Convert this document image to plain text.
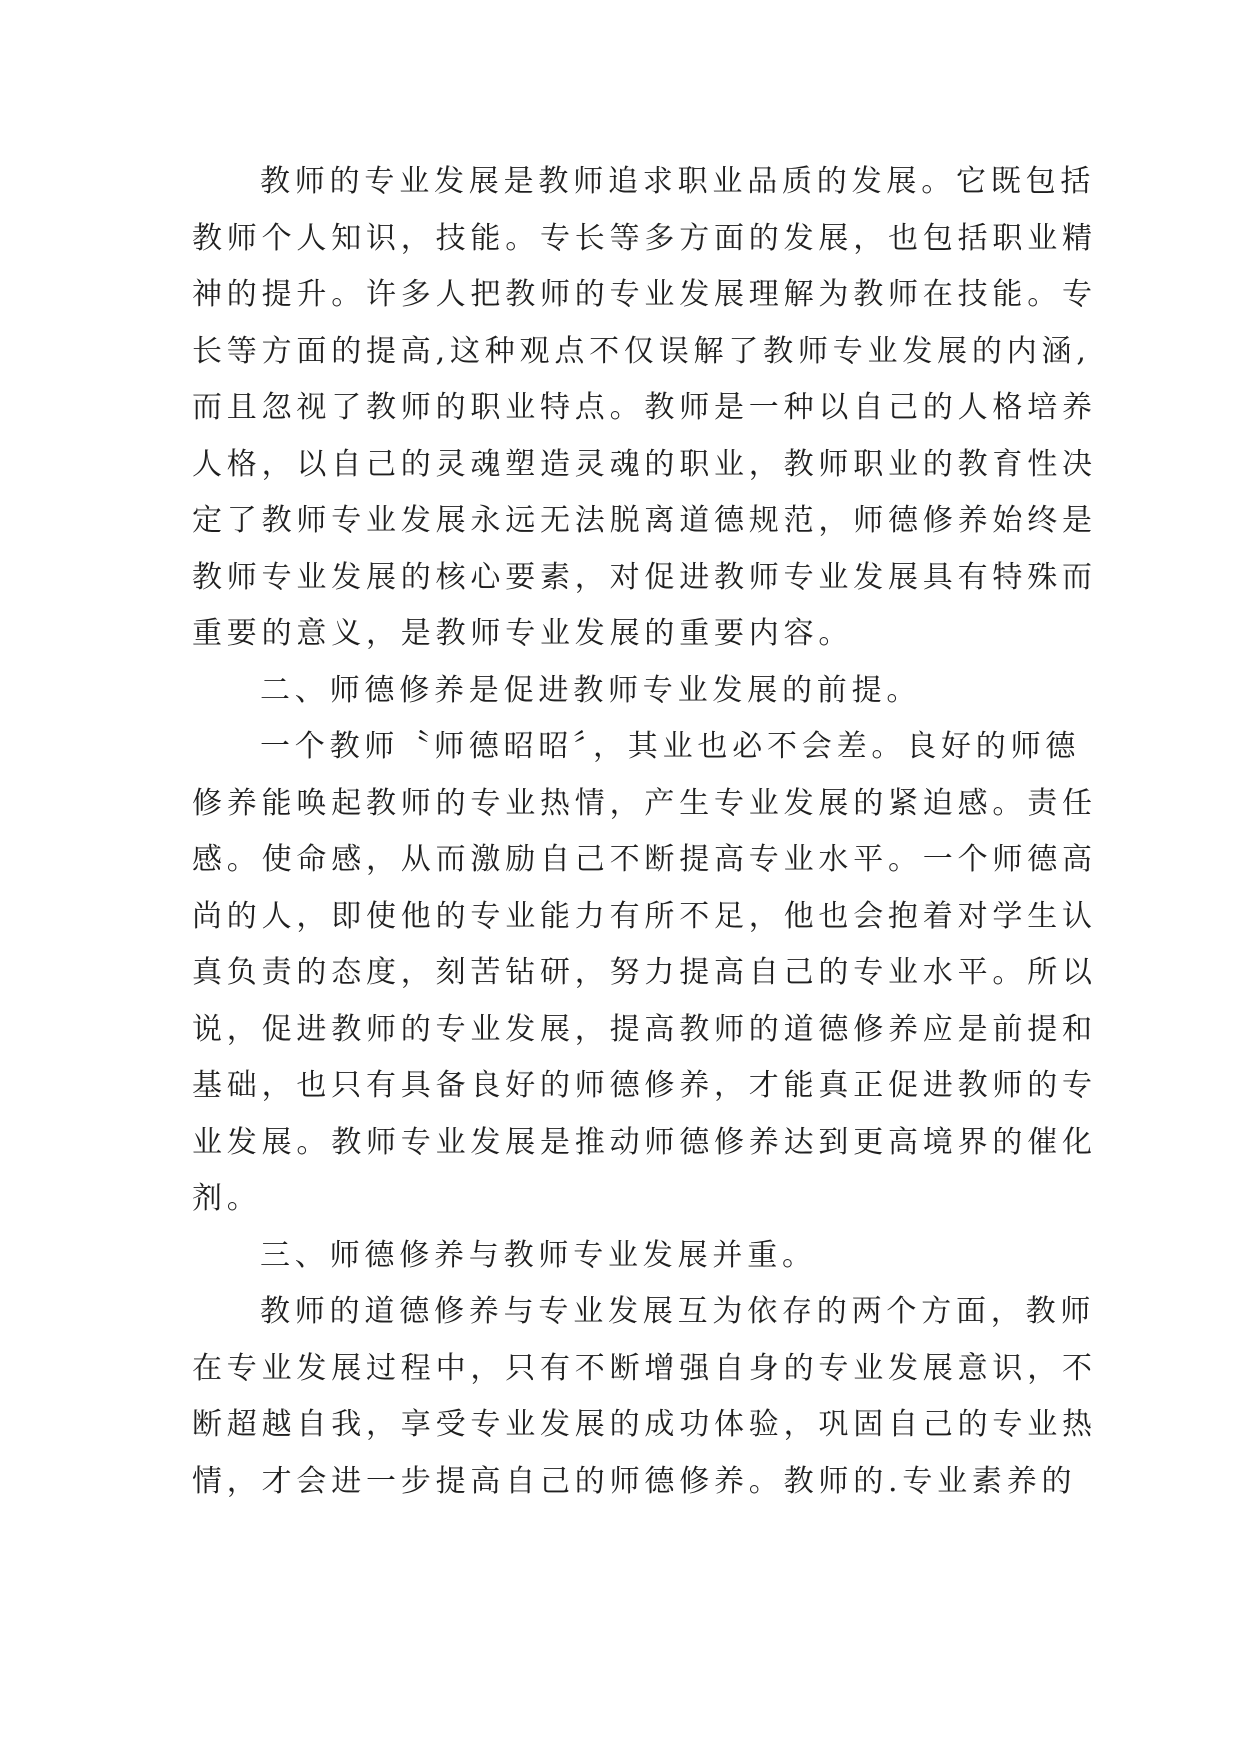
教师的专业发展是教师追求职业品质的发展。它既包括
教师个人知识，技能。专长等多方面的发展，也包括职业精
神的提升。许多人把教师的专业发展理解为教师在技能。专
长等方面的提高,这种观点不仅误解了教师专业发展的内涵,
而且忽视了教师的职业特点。教师是一种以自己的人格培养
人格，以自己的灵魂塑造灵魂的职业，教师职业的教育性决
定了教师专业发展永远无法脱离道德规范，师德修养始终是
教师专业发展的核心要素，对促进教师专业发展具有特殊而
重要的意义，是教师专业发展的重要内容。
二、师德修养是促进教师专业发展的前提。
一个教师〝师德昭昭〞，其业也必不会差。良好的师德
修养能唤起教师的专业热情，产生专业发展的紧迫感。责任
感。使命感，从而激励自己不断提高专业水平。一个师德高
尚的人，即使他的专业能力有所不足，他也会抱着对学生认
真负责的态度，刻苦钻研，努力提高自己的专业水平。所以
说，促进教师的专业发展，提高教师的道德修养应是前提和
基础，也只有具备良好的师德修养，才能真正促进教师的专
业发展。教师专业发展是推动师德修养达到更高境界的催化
剂。
三、师德修养与教师专业发展并重。
教师的道德修养与专业发展互为依存的两个方面，教师
在专业发展过程中，只有不断增强自身的专业发展意识，不
断超越自我，享受专业发展的成功体验，巩固自己的专业热
情，才会进一步提高自己的师德修养。教师的.专业素养的
